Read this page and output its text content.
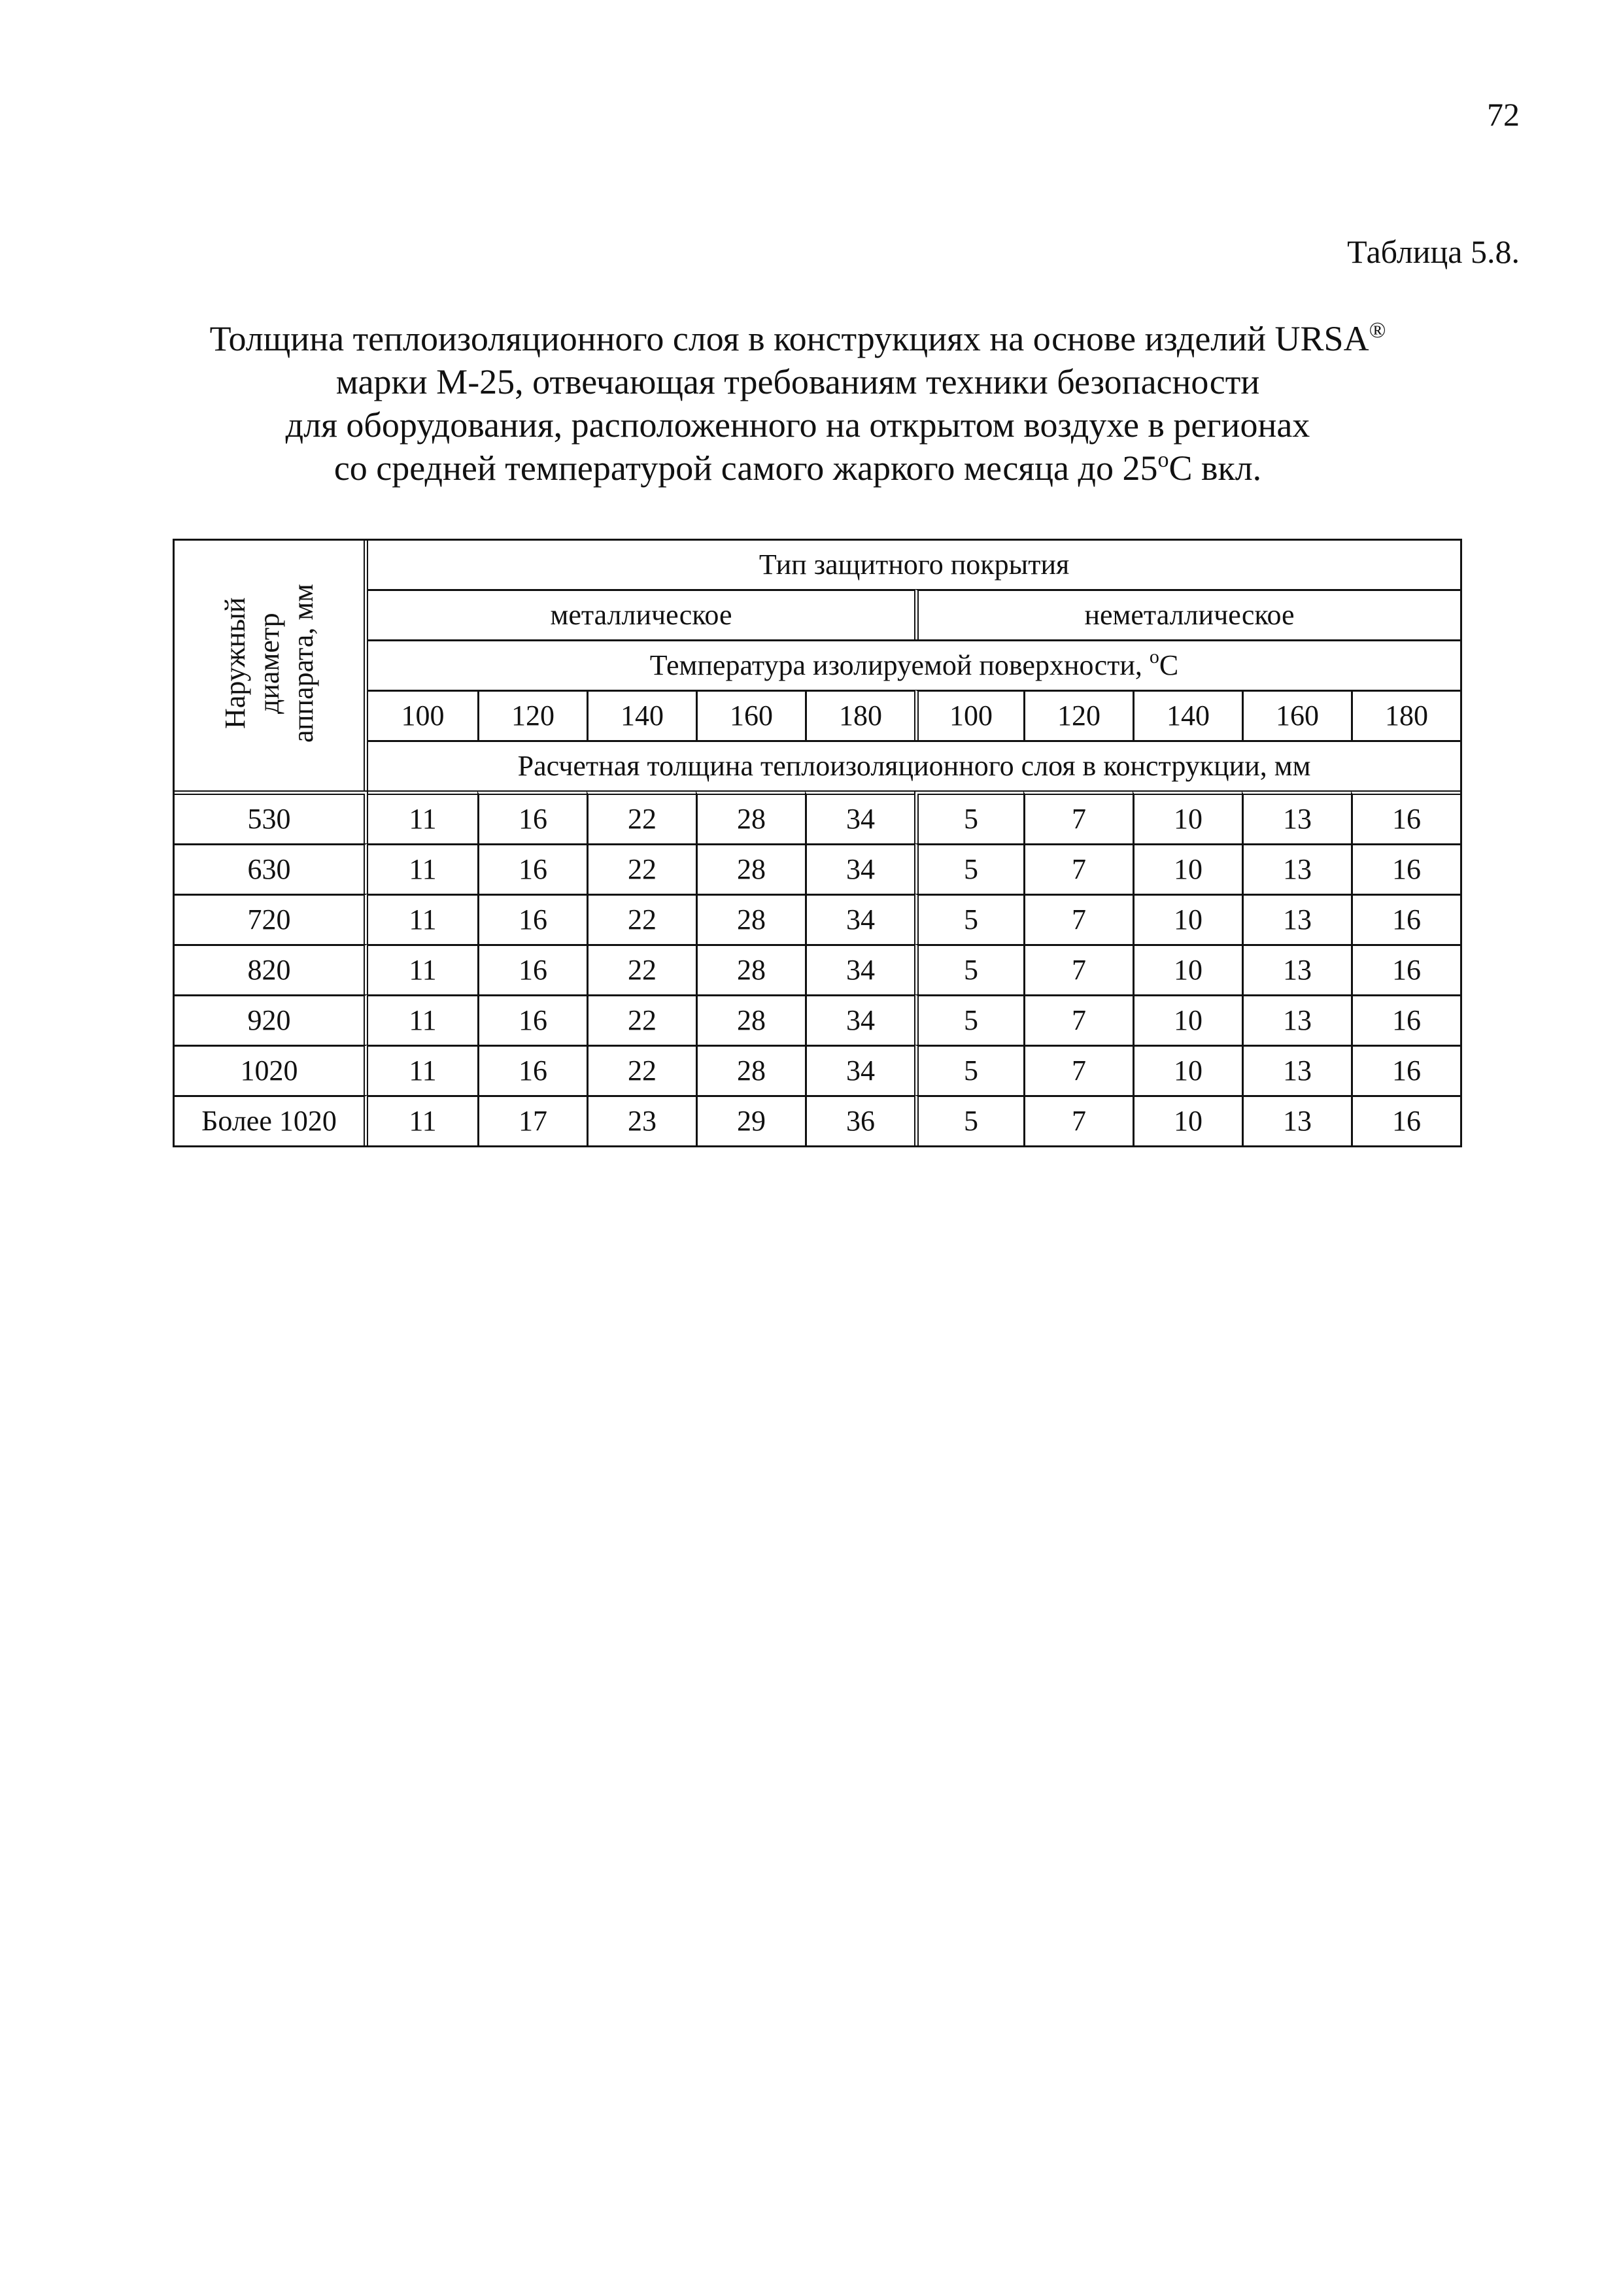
72
Таблица 5.8.
Толщина теплоизоляционного слоя в конструкциях на основе изделий URSA®
марки М-25, отвечающая требованиям техники безопасности
для оборудования, расположенного на открытом воздухе в регионах
со средней температурой самого жаркого месяца до $25^оС$ вкл.
Наружный
диаметр
аппарата, мм	Тип защитного покрытия									
	металлическое					неметаллическое				
	Температура изолируемой поверхности, $^о$С									
	100	120	140	160	180	100	120	140	160	180
	Расчетная толщина теплоизоляционного слоя в конструкции, мм									
530	11	16	22	28	34	5	7	10	13	16
630	11	16	22	28	34	5	7	10	13	16
720	11	16	22	28	34	5	7	10	13	16
820	11	16	22	28	34	5	7	10	13	16
920	11	16	22	28	34	5	7	10	13	16
1020	11	16	22	28	34	5	7	10	13	16
Более 1020	11	17	23	29	36	5	7	10	13	16
